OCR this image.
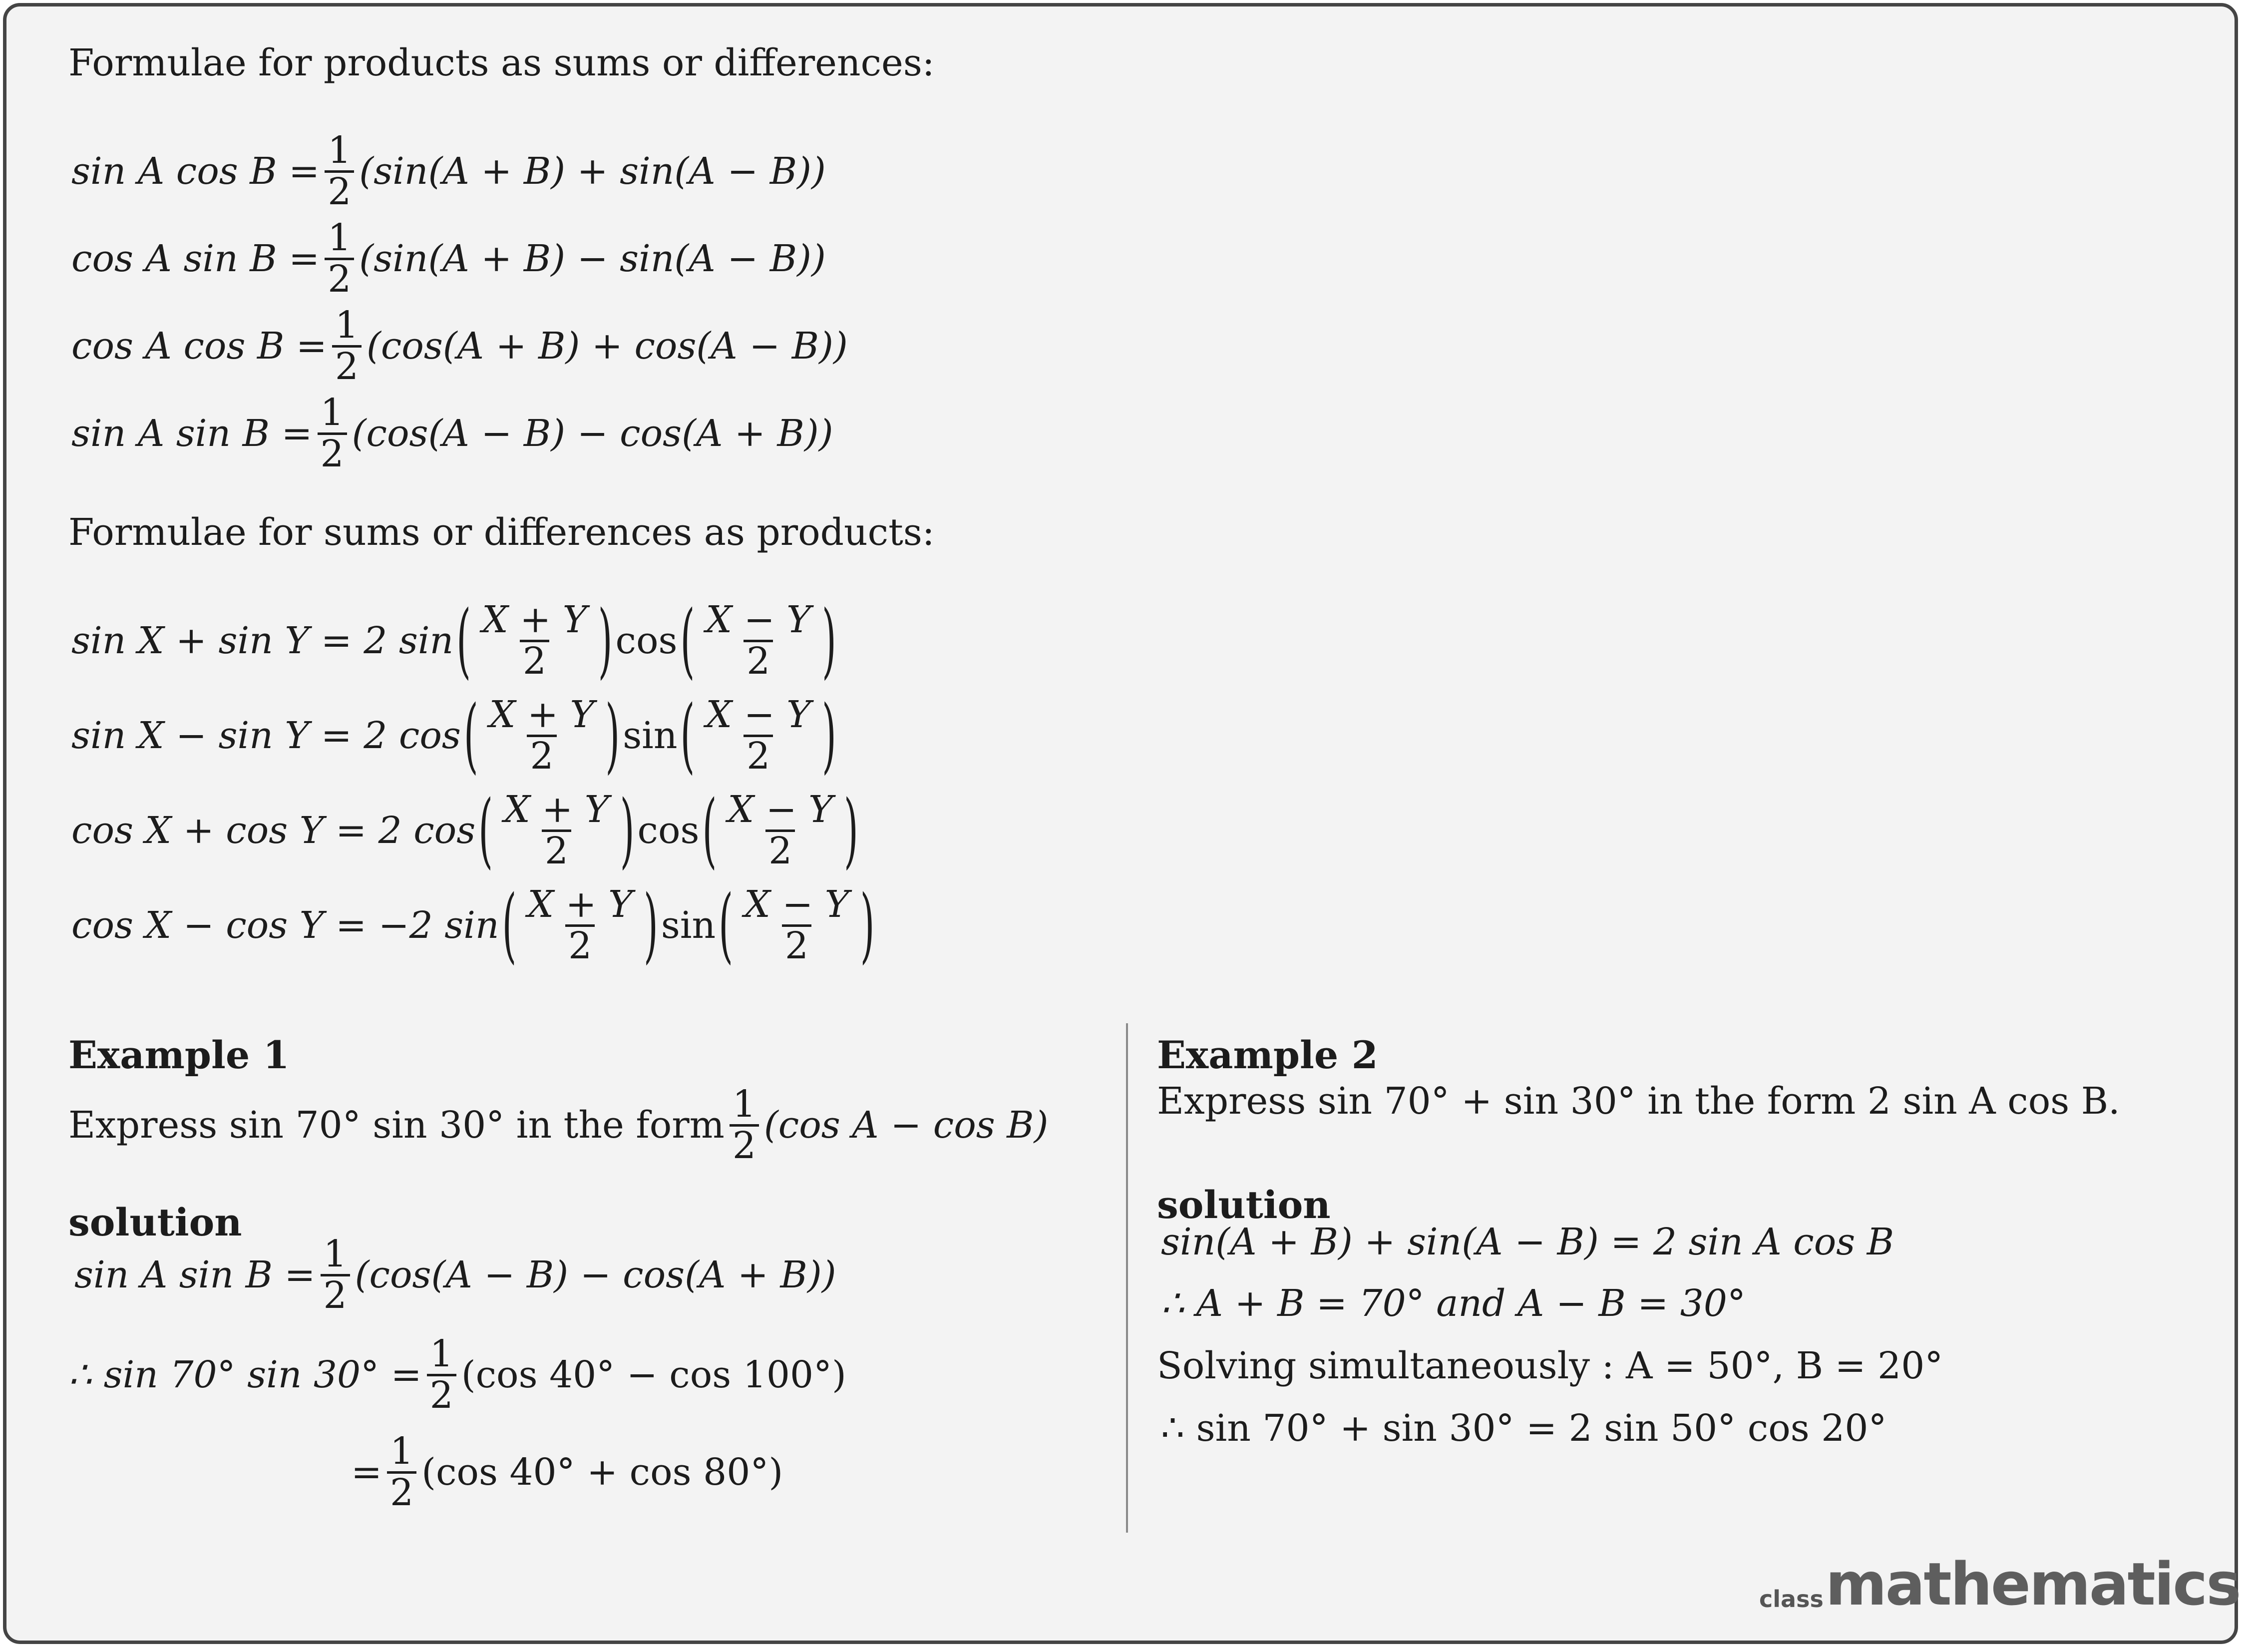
Formulae for products as sums or differences:
sin A $\cos B = \frac{1}{2} (\sin(A + B) + \sin(A - B))$
cos A $\sin B = \frac{1}{2} (\sin(A + B) - \sin(A - B))$
cos A $\cos B = \frac{1}{2} (\cos(A + B) + \cos(A - B))$
sin A $\sin B = \frac{1}{2} (\cos(A - B) - \cos(A + B))$
Formulae for sums or differences as products:
sin X + sin Y = 2 sin ( $\frac{X + Y}{2}$ ) cos ( $\frac{X - Y}{2}$ )
sin X − sin Y = 2 cos ( $\frac{X + Y}{2}$ ) sin ( $\frac{X - Y}{2}$ )
cos X + cos Y = 2 cos ( $\frac{X + Y}{2}$ ) cos ( $\frac{X - Y}{2}$ )
cos X − cos Y = −2 sin ( $\frac{X + Y}{2}$ ) sin ( $\frac{X - Y}{2}$ )
Example 1
Express sin 70° sin 30° in the form $\frac{1}{2} (\cos$ A − cos B)
solution
sin A $\sin B = \frac{1}{2} (\cos(A - B) - \cos(A + B))$
∴ sin 70° $\sin 30^\circ = \frac{1}{2} (\cos$ 40° − cos 100°)
= $\frac{1}{2} (\cos$ 40° + cos 80°)
Example 2
Express sin 70° + sin 30° in the form 2 sin A cos B.
solution
sin(A + B) + sin(A − B) = 2 sin A cos B
∴ A + B = 70° and A − B = 30°
Solving simultaneously : A = 50°, B = 20°
∴ sin 70° + sin 30° = 2 sin 50° cos 20°
class mathematics
